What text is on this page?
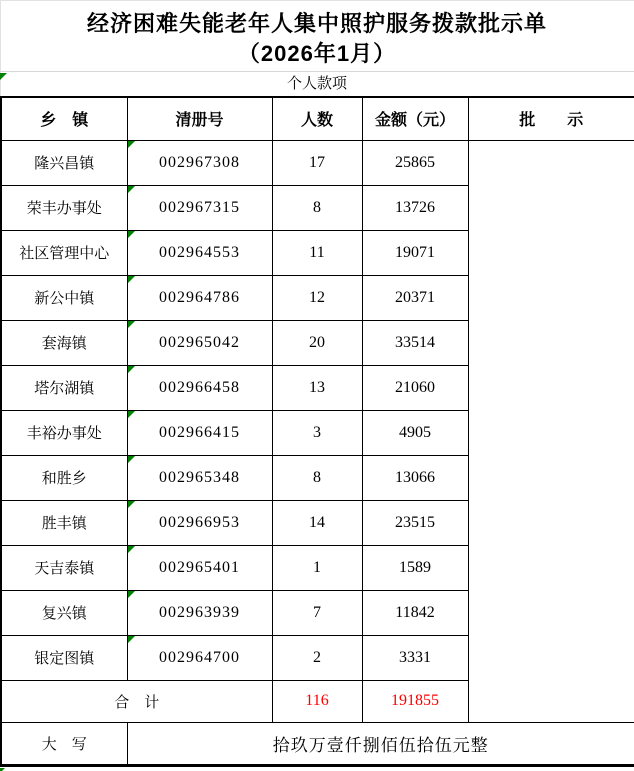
经济困难失能老年人集中照护服务拨款批示单
（2026年1月）
个人款项
乡　镇	清册号	人数	金额（元）	批　　示
隆兴昌镇	002967308	17	25865	
荣丰办事处	002967315	8	13726	
社区管理中心	002964553	11	19071	
新公中镇	002964786	12	20371	
套海镇	002965042	20	33514	
塔尔湖镇	002966458	13	21060	
丰裕办事处	002966415	3	4905	
和胜乡	002965348	8	13066	
胜丰镇	002966953	14	23515	
天吉泰镇	002965401	1	1589	
复兴镇	002963939	7	11842	
银定图镇	002964700	2	3331	
合　计		116	191855	
大　写	拾玖万壹仟捌佰伍拾伍元整			
